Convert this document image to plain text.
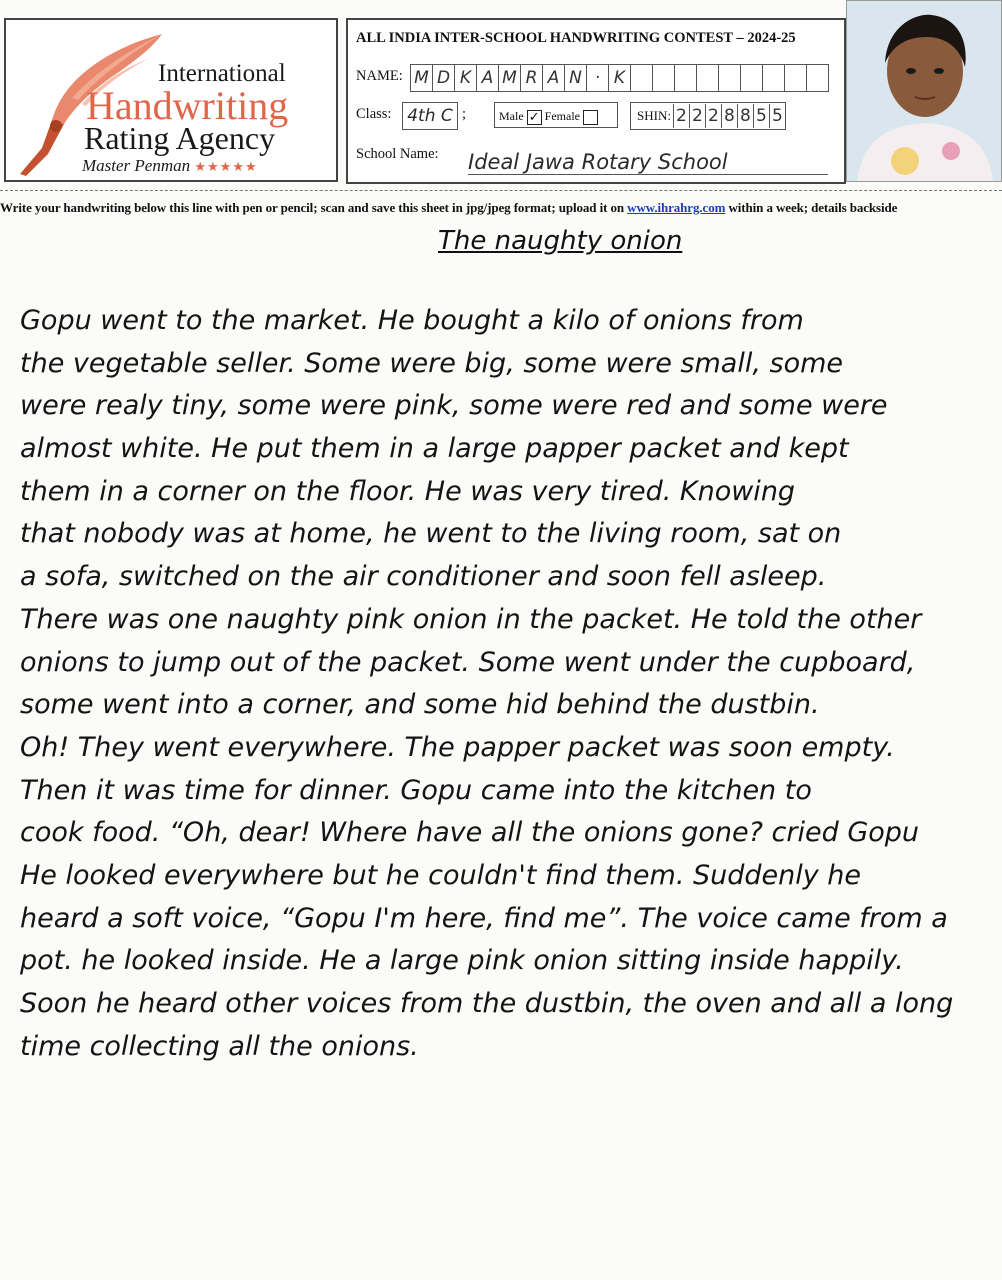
International
Handwriting
Rating Agency
Master Penman ★★★★★
ALL INDIA INTER-SCHOOL HANDWRITING CONTEST – 2024-25
NAME: M D K A M R A N · K
Class: 4th C ;	Male ✓ Female	SHIN: 2 2 2 8 8 5 5
School Name: Ideal Jawa Rotary School
Write your handwriting below this line with pen or pencil; scan and save this sheet in jpg/jpeg format; upload it on www.ihrahrg.com within a week; details backside
The naughty onion
Gopu went to the market. He bought a kilo of onions from
the vegetable seller. Some were big, some were small, some
were realy tiny, some were pink, some were red and some were
almost white. He put them in a large papper packet and kept
them in a corner on the floor. He was very tired. Knowing
that nobody was at home, he went to the living room, sat on
a sofa, switched on the air conditioner and soon fell asleep.
There was one naughty pink onion in the packet. He told the other
onions to jump out of the packet. Some went under the cupboard,
some went into a corner, and some hid behind the dustbin.
Oh! They went everywhere. The papper packet was soon empty.
Then it was time for dinner. Gopu came into the kitchen to
cook food. “Oh, dear! Where have all the onions gone? cried Gopu
He looked everywhere but he couldn't find them. Suddenly he
heard a soft voice, “Gopu I'm here, find me”. The voice came from a
pot. he looked inside. He a large pink onion sitting inside happily.
Soon he heard other voices from the dustbin, the oven and all a long
time collecting all the onions.
